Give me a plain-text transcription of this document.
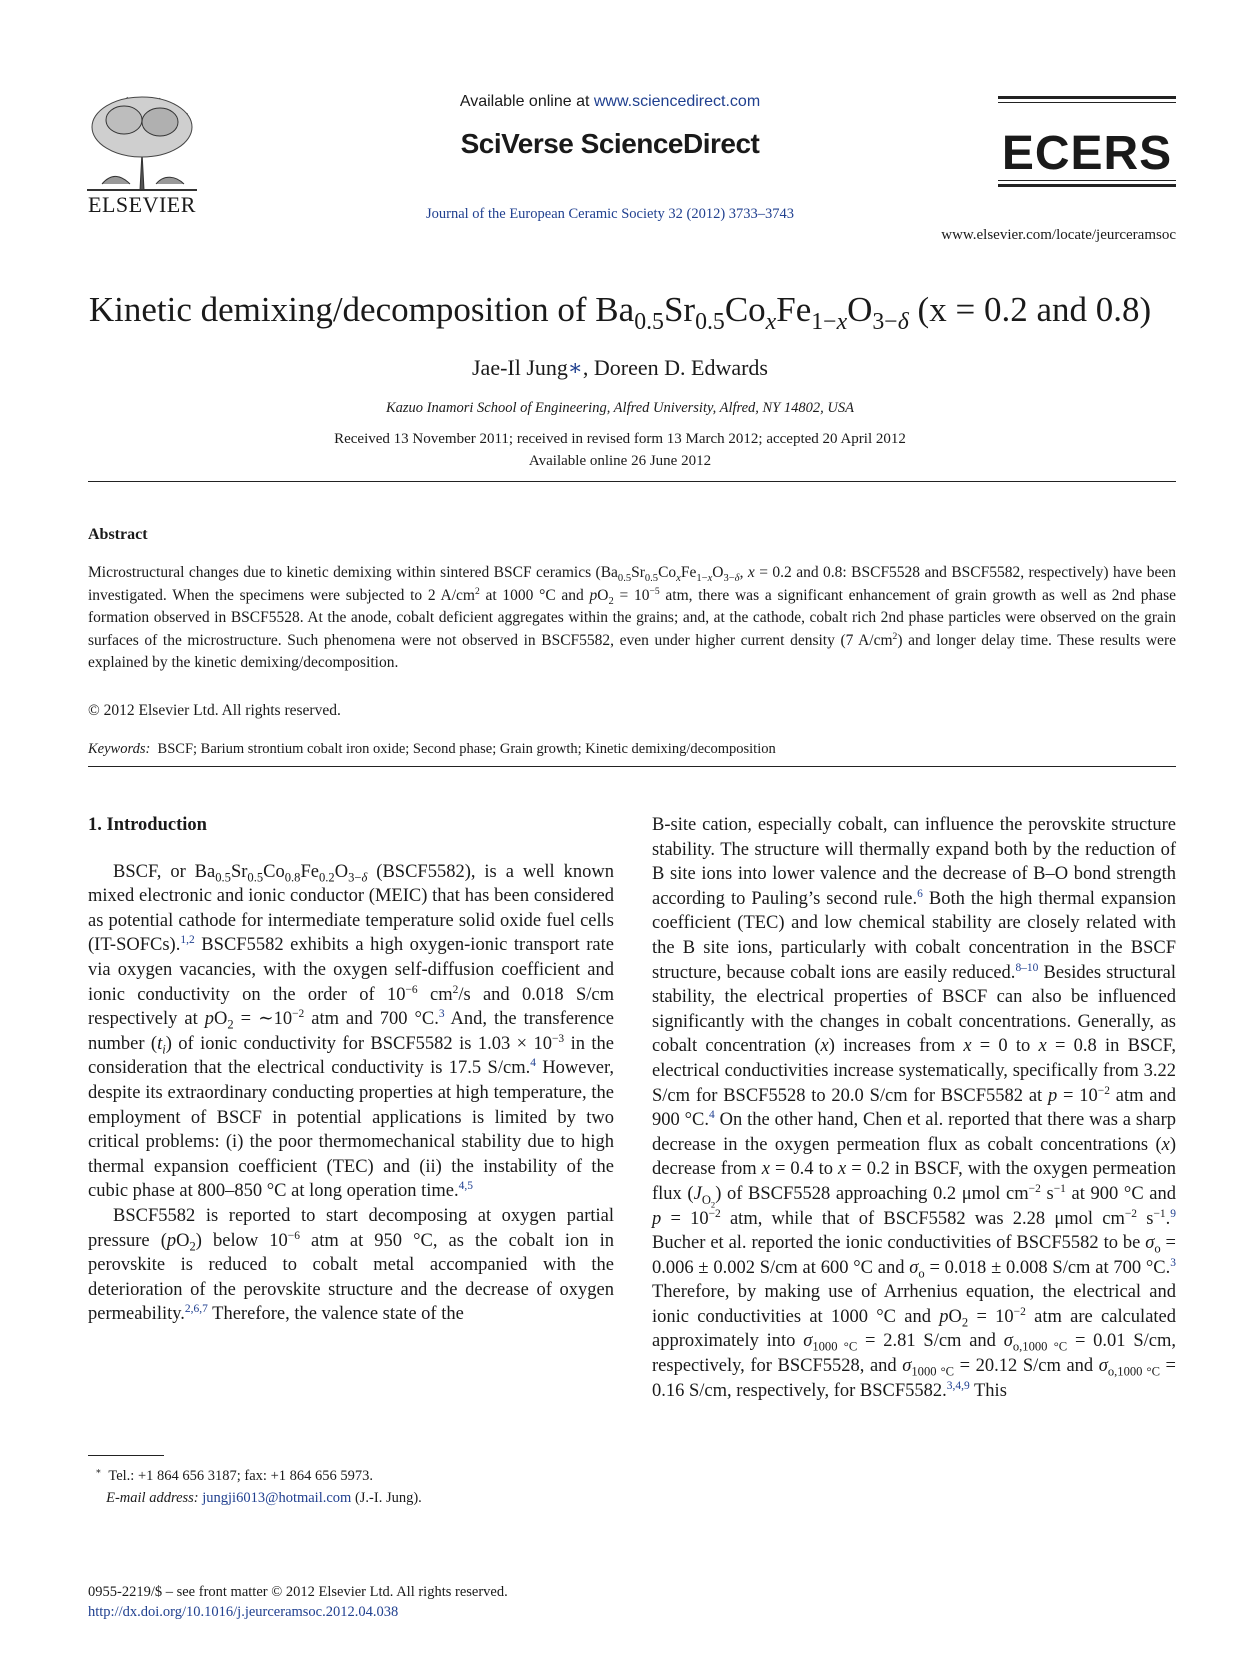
ELSEVIER
Available online at www.sciencedirect.com
SciVerse ScienceDirect
Journal of the European Ceramic Society 32 (2012) 3733–3743
ECERS
www.elsevier.com/locate/jeurceramsoc
Kinetic demixing/decomposition of $Ba_{0.5}Sr_{0.5}Co_xFe_{1-x}O_{3-\delta}$ (x = 0.2 and 0.8)
Jae-Il Jung∗, Doreen D. Edwards
Kazuo Inamori School of Engineering, Alfred University, Alfred, NY 14802, USA
Received 13 November 2011; received in revised form 13 March 2012; accepted 20 April 2012
Available online 26 June 2012
Abstract
Microstructural changes due to kinetic demixing within sintered BSCF ceramics ($Ba_{0.5}Sr_{0.5}Co_xFe_{1-x}O_{3-\delta}$, x = 0.2 and 0.8: BSCF5528 and BSCF5582, respectively) have been investigated. When the specimens were subjected to 2 $A/cm^2$ at 1000 °C and $pO_2 = 10^{-5}$ atm, there was a significant enhancement of grain growth as well as 2nd phase formation observed in BSCF5528. At the anode, cobalt deficient aggregates within the grains; and, at the cathode, cobalt rich 2nd phase particles were observed on the grain surfaces of the microstructure. Such phenomena were not observed in BSCF5582, even under higher current density (7 $A/cm^2$) and longer delay time. These results were explained by the kinetic demixing/decomposition.
© 2012 Elsevier Ltd. All rights reserved.
Keywords: BSCF; Barium strontium cobalt iron oxide; Second phase; Grain growth; Kinetic demixing/decomposition
1. Introduction

BSCF, or $Ba_{0.5}Sr_{0.5}Co_{0.8}Fe_{0.2}O_{3-\delta}$ (BSCF5582), is a well known mixed electronic and ionic conductor (MEIC) that has been considered as potential cathode for intermediate temperature solid oxide fuel cells (IT-SOFCs).$^{1,2}$ BSCF5582 exhibits a high oxygen-ionic transport rate via oxygen vacancies, with the oxygen self-diffusion coefficient and ionic conductivity on the order of $10^{-6}$ $cm^2/s$ and 0.018 S/cm respectively at $pO_2$ = $\sim 10^{-2}$ atm and 700 °C.$^3$ And, the transference number $(t_i)$ of ionic conductivity for BSCF5582 is $1.03 \times 10^{-3}$ in the consideration that the electrical conductivity is 17.5 S/cm.$^4$ However, despite its extraordinary conducting properties at high temperature, the employment of BSCF in potential applications is limited by two critical problems: (i) the poor thermomechanical stability due to high thermal expansion coefficient (TEC) and (ii) the instability of the cubic phase at 800–850 °C at long operation time.$^{4,5}$

BSCF5582 is reported to start decomposing at oxygen partial pressure $(pO_2)$ below $10^{-6}$ atm at 950 °C, as the cobalt ion in perovskite is reduced to cobalt metal accompanied with the deterioration of the perovskite structure and the decrease of oxygen permeability.$^{2,6,7}$ Therefore, the valence state of the

B-site cation, especially cobalt, can influence the perovskite structure stability. The structure will thermally expand both by the reduction of B site ions into lower valence and the decrease of B–O bond strength according to Pauling’s second rule.$^6$ Both the high thermal expansion coefficient (TEC) and low chemical stability are closely related with the B site ions, particularly with cobalt concentration in the BSCF structure, because cobalt ions are easily reduced.$^{8-10}$ Besides structural stability, the electrical properties of BSCF can also be influenced significantly with the changes in cobalt concentrations. Generally, as cobalt concentration (x) increases from x = 0 to x = 0.8 in BSCF, electrical conductivities increase systematically, specifically from 3.22 S/cm for BSCF5528 to 20.0 S/cm for BSCF5582 at $p = 10^{-2}$ atm and 900 °C.$^4$ On the other hand, Chen et al. reported that there was a sharp decrease in the oxygen permeation flux as cobalt concentrations (x) decrease from x = 0.4 to x = 0.2 in BSCF, with the oxygen permeation flux $(J_{O_2})$ of BSCF5528 approaching 0.2 μmol $cm^{-2}$ $s^{-1}$ at 900 °C and $p = 10^{-2}$ atm, while that of BSCF5582 was 2.28 μmol $cm^{-2}$ $s^{-1}.^9$ Bucher et al. reported the ionic conductivities of BSCF5582 to be $\sigma_o = 0.006 \pm 0.002$ S/cm at 600 °C and $\sigma_o = 0.018 \pm 0.008$ S/cm at 700 °C.$^3$ Therefore, by making use of Arrhenius equation, the electrical and ionic conductivities at 1000 °C and $pO_2 = 10^{-2}$ atm are calculated approximately into $\sigma_{1000 ^\circ C} = 2.81$ S/cm and $\sigma_{o,1000 ^\circ C} = 0.01$ S/cm, respectively, for BSCF5528, and $\sigma_{1000 ^\circ C} = 20.12$ S/cm and $\sigma_{o,1000 ^\circ C} = 0.16$ S/cm, respectively, for BSCF5582.$^{3,4,9}$ This

∗ Tel.: +1 864 656 3187; fax: +1 864 656 5973.
E-mail address: jungji6013@hotmail.com (J.-I. Jung).
0955-2219/$ – see front matter © 2012 Elsevier Ltd. All rights reserved.
http://dx.doi.org/10.1016/j.jeurceramsoc.2012.04.038
